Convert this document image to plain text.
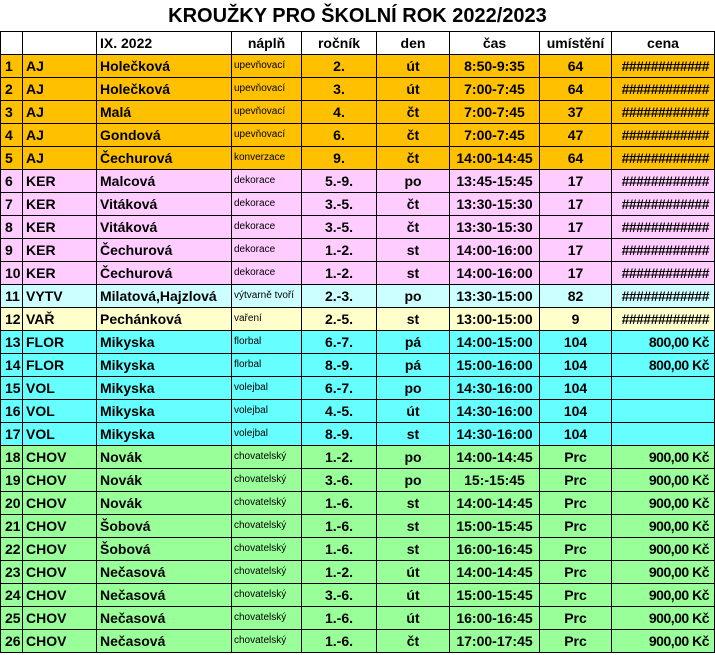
KROUŽKY PRO ŠKOLNÍ ROK 2022/2023
		IX. 2022	náplň	ročník	den	čas	umístění	cena
1	AJ	Holečková	upevňovací	2.	út	8:50-9:35	64	############
2	AJ	Holečková	upevňovací	3.	út	7:00-7:45	64	############
3	AJ	Malá	upevňovací	4.	čt	7:00-7:45	37	############
4	AJ	Gondová	upevňovací	6.	čt	7:00-7:45	47	############
5	AJ	Čechurová	konverzace	9.	čt	14:00-14:45	64	############
6	KER	Malcová	dekorace	5.-9.	po	13:45-15:45	17	############
7	KER	Vitáková	dekorace	3.-5.	čt	13:30-15:30	17	############
8	KER	Vitáková	dekorace	3.-5.	čt	13:30-15:30	17	############
9	KER	Čechurová	dekorace	1.-2.	st	14:00-16:00	17	############
10	KER	Čechurová	dekorace	1.-2.	st	14:00-16:00	17	############
11	VYTV	Milatová,Hajzlová	výtvarně tvoří	2.-3.	po	13:30-15:00	82	############
12	VAŘ	Pechánková	vaření	2.-5.	st	13:00-15:00	9	############
13	FLOR	Mikyska	florbal	6.-7.	pá	14:00-15:00	104	800,00 Kč
14	FLOR	Mikyska	florbal	8.-9.	pá	15:00-16:00	104	800,00 Kč
15	VOL	Mikyska	volejbal	6.-7.	po	14:30-16:00	104	
16	VOL	Mikyska	volejbal	4.-5.	út	14:30-16:00	104	
17	VOL	Mikyska	volejbal	8.-9.	st	14:30-16:00	104	
18	CHOV	Novák	chovatelský	1.-2.	po	14:00-14:45	Prc	900,00 Kč
19	CHOV	Novák	chovatelský	3.-6.	po	15:-15:45	Prc	900,00 Kč
20	CHOV	Novák	chovatelský	1.-6.	st	14:00-14:45	Prc	900,00 Kč
21	CHOV	Šobová	chovatelský	1.-6.	st	15:00-15:45	Prc	900,00 Kč
22	CHOV	Šobová	chovatelský	1.-6.	st	16:00-16:45	Prc	900,00 Kč
23	CHOV	Nečasová	chovatelský	1.-2.	út	14:00-14:45	Prc	900,00 Kč
24	CHOV	Nečasová	chovatelský	3.-6.	út	15:00-15:45	Prc	900,00 Kč
25	CHOV	Nečasová	chovatelský	1.-6.	út	16:00-16:45	Prc	900,00 Kč
26	CHOV	Nečasová	chovatelský	1.-6.	čt	17:00-17:45	Prc	900,00 Kč
